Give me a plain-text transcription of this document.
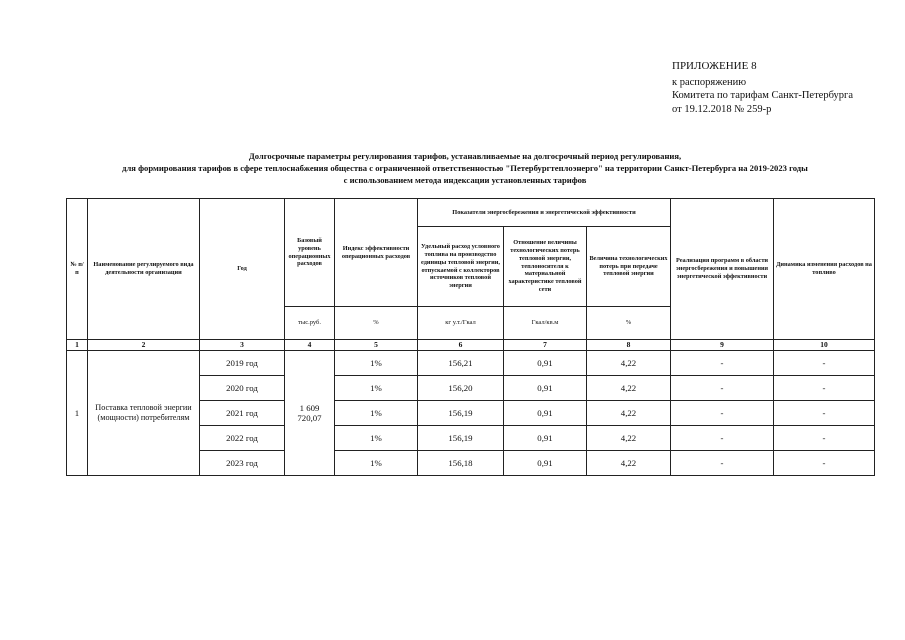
ПРИЛОЖЕНИЕ 8
к распоряжению
Комитета по тарифам Санкт-Петербурга
от 19.12.2018 № 259-р
Долгосрочные параметры регулирования тарифов, устанавливаемые на долгосрочный период регулирования,
для формирования тарифов в сфере теплоснабжения общества с ограниченной ответственностью "Петербургтеплоэнерго" на территории Санкт-Петербурга на 2019-2023 годы
с использованием метода индексации установленных тарифов
№ п/п	Наименование регулируемого вида деятельности организации	Год	Базовый уровень операционных расходов	Индекс эффективности операционных расходов	Показатели энергосбережения и энергетической эффективности			Реализация программ в области энергосбережения и повышения энергетической эффективности	Динамика изменения расходов на топливо
					Удельный расход условного топлива на производство единицы тепловой энергии, отпускаемой с коллекторов источников тепловой энергии	Отношение величины технологических потерь тепловой энергии, теплоносителя к материальной характеристике тепловой сети	Величина технологических потерь при передаче тепловой энергии		
			тыс.руб.	%	кг у.т./Гкал	Гкал/кв.м	%		
1	2	3	4	5	6	7	8	9	10
1	Поставка тепловой энергии (мощности) потребителям	2019 год	1 609 720,07	1%	156,21	0,91	4,22	-	-
		2020 год		1%	156,20	0,91	4,22	-	-
		2021 год		1%	156,19	0,91	4,22	-	-
		2022 год		1%	156,19	0,91	4,22	-	-
		2023 год		1%	156,18	0,91	4,22	-	-
